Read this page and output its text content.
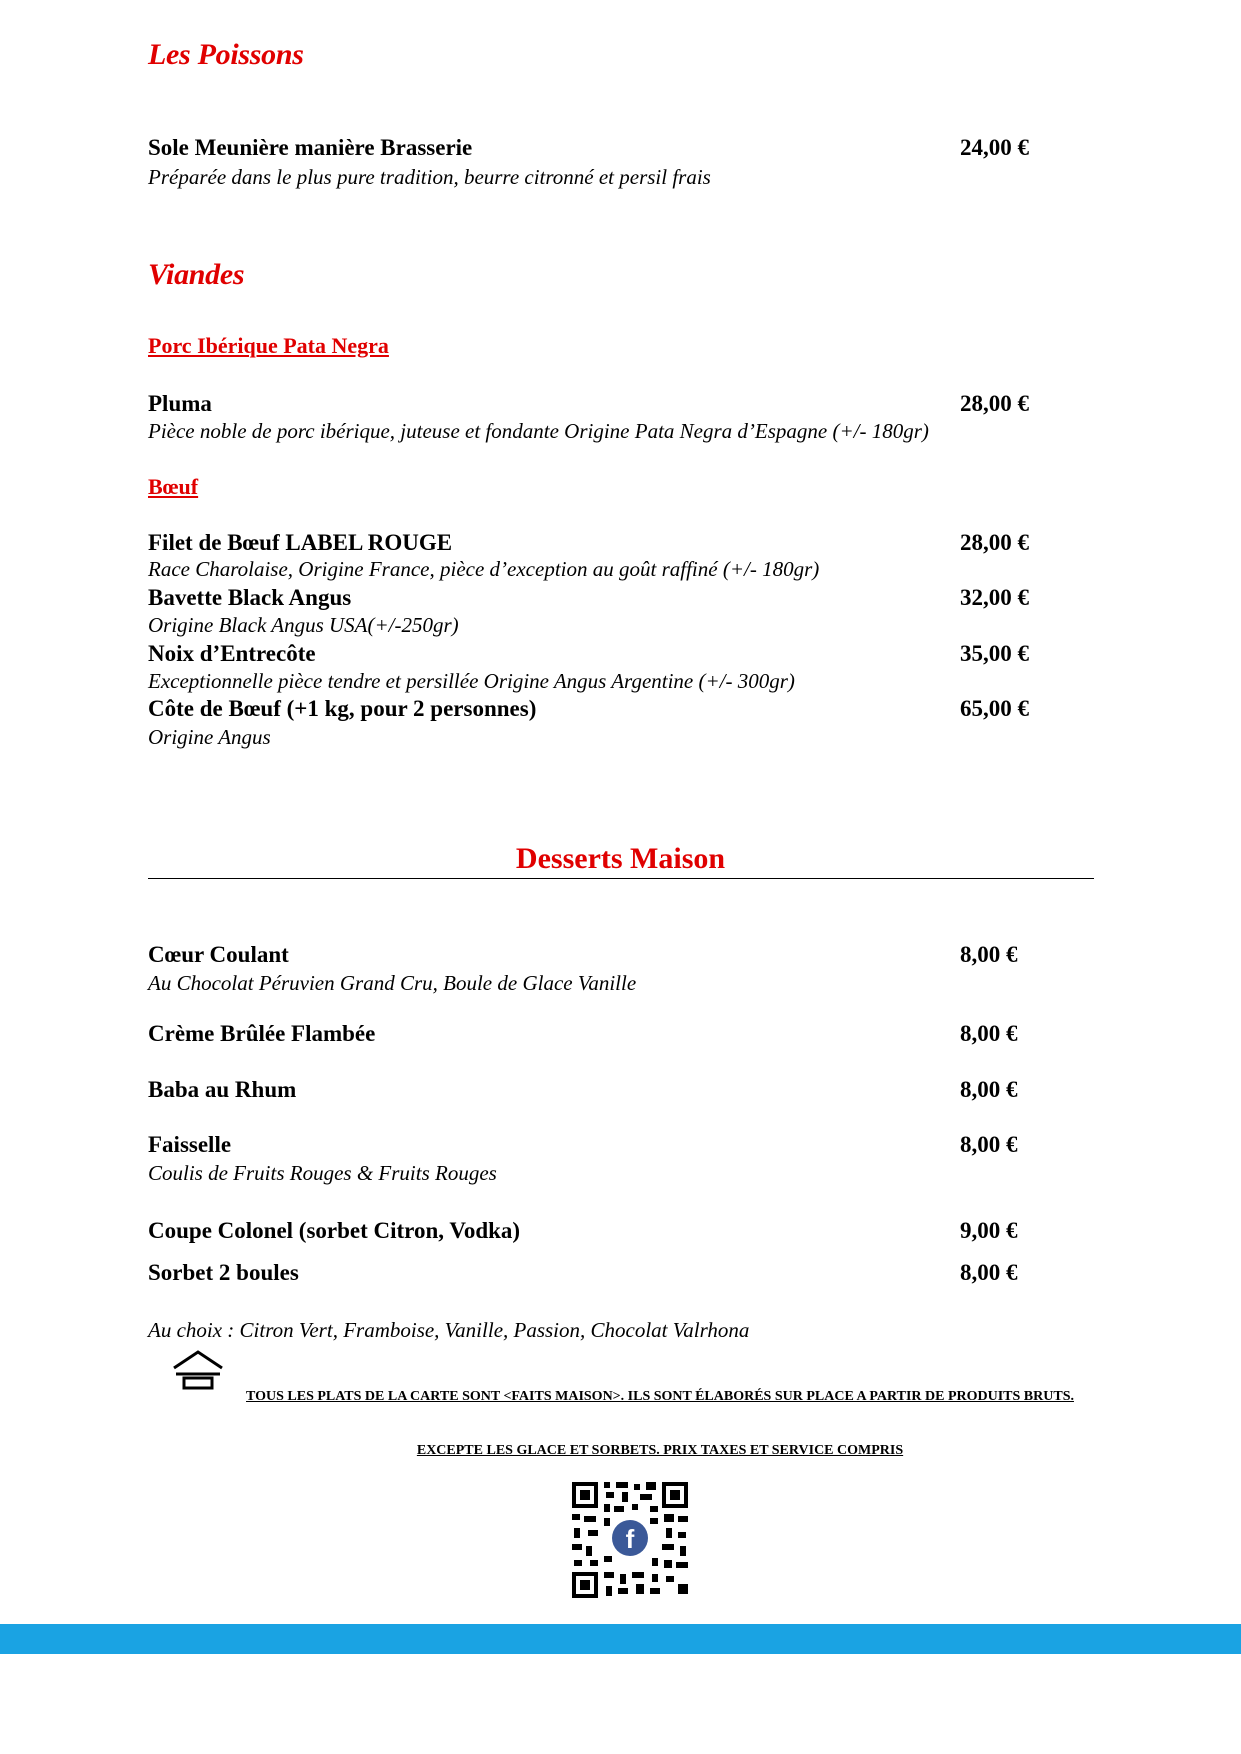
Les Poissons
Sole Meunière manière Brasserie	24,00 €
Préparée dans le plus pure tradition, beurre citronné et persil frais
Viandes
Porc Ibérique Pata Negra
Pluma	28,00 €
Pièce noble de porc ibérique, juteuse et fondante Origine Pata Negra d’Espagne (+/- 180gr)
Bœuf
Filet de Bœuf LABEL ROUGE	28,00 €
Race Charolaise, Origine France, pièce d’exception au goût raffiné (+/- 180gr)
Bavette Black Angus	32,00 €
Origine Black Angus USA(+/-250gr)
Noix d’Entrecôte	35,00 €
Exceptionnelle pièce tendre et persillée Origine Angus Argentine (+/- 300gr)
Côte de Bœuf (+1 kg, pour 2 personnes)	65,00 €
Origine Angus
Desserts Maison
Cœur Coulant	8,00 €
Au Chocolat Péruvien Grand Cru, Boule de Glace Vanille
Crème Brûlée Flambée	8,00 €
Baba au Rhum	8,00 €
Faisselle	8,00 €
Coulis de Fruits Rouges & Fruits Rouges
Coupe Colonel (sorbet Citron, Vodka)	9,00 €
Sorbet 2 boules	8,00 €
Au choix : Citron Vert, Framboise, Vanille, Passion, Chocolat Valrhona
TOUS LES PLATS DE LA CARTE SONT <FAITS MAISON>. ILS SONT ÉLABORÉS SUR PLACE A PARTIR DE PRODUITS BRUTS.
EXCEPTE LES GLACE ET SORBETS. PRIX TAXES ET SERVICE COMPRIS
f
